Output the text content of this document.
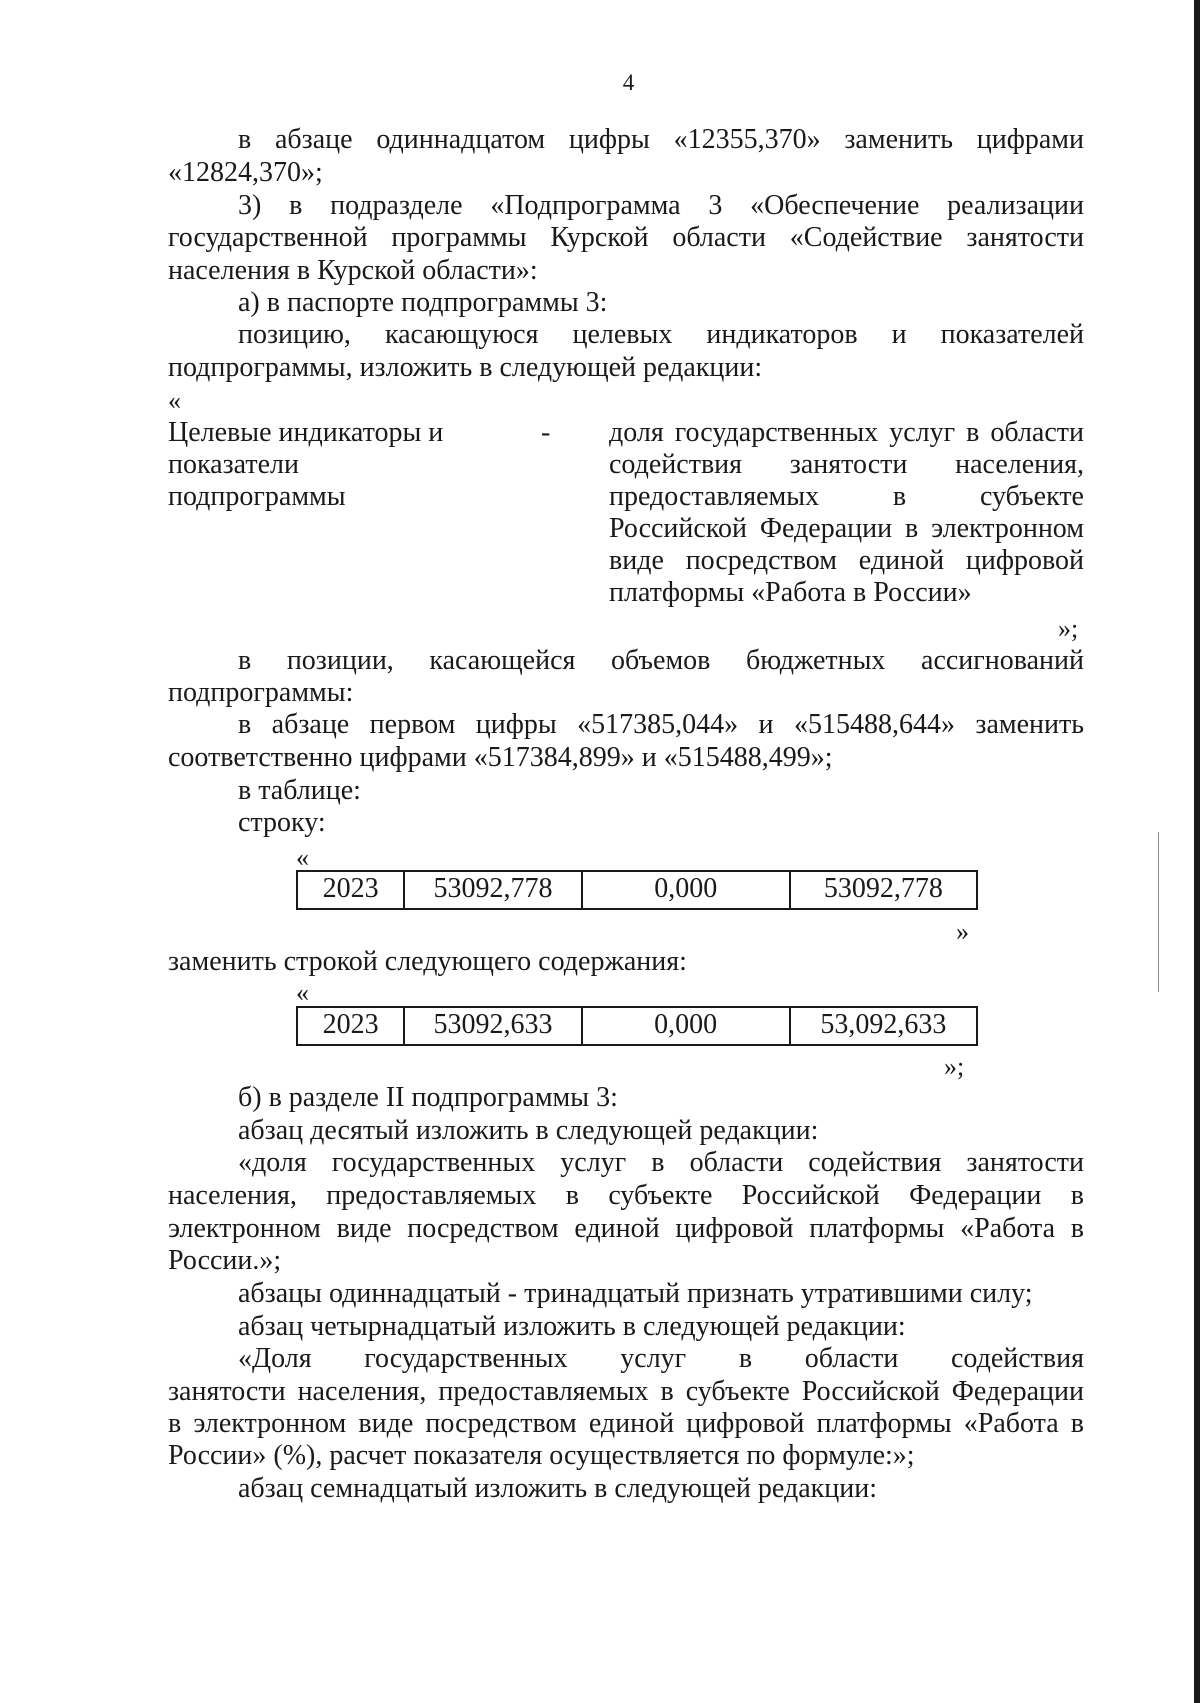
4
в абзаце одиннадцатом цифры «12355,370» заменить цифрами
«12824,370»;
3) в подразделе «Подпрограмма 3 «Обеспечение реализации
государственной программы Курской области «Содействие занятости
населения в Курской области»:
а) в паспорте подпрограммы 3:
позицию, касающуюся целевых индикаторов и показателей
подпрограммы, изложить в следующей редакции:
«
Целевые индикаторы и
показатели
подпрограммы
- доля государственных услуг в области
содействия занятости населения,
предоставляемых в субъекте
Российской Федерации в электронном
виде посредством единой цифровой
платформы «Работа в России»
»;
в позиции, касающейся объемов бюджетных ассигнований
подпрограммы:
в абзаце первом цифры «517385,044» и «515488,644» заменить
соответственно цифрами «517384,899» и «515488,499»;
в таблице:
строку:
«
2023	53092,778	0,000	53092,778
»
заменить строкой следующего содержания:
«
2023	53092,633	0,000	53,092,633
»;
б) в разделе II подпрограммы 3:
абзац десятый изложить в следующей редакции:
«доля государственных услуг в области содействия занятости
населения, предоставляемых в субъекте Российской Федерации в
электронном виде посредством единой цифровой платформы «Работа в
России.»;
абзацы одиннадцатый - тринадцатый признать утратившими силу;
абзац четырнадцатый изложить в следующей редакции:
«Доля государственных услуг в области содействия
занятости населения, предоставляемых в субъекте Российской Федерации
в электронном виде посредством единой цифровой платформы «Работа в
России» (%), расчет показателя осуществляется по формуле:»;
абзац семнадцатый изложить в следующей редакции:
